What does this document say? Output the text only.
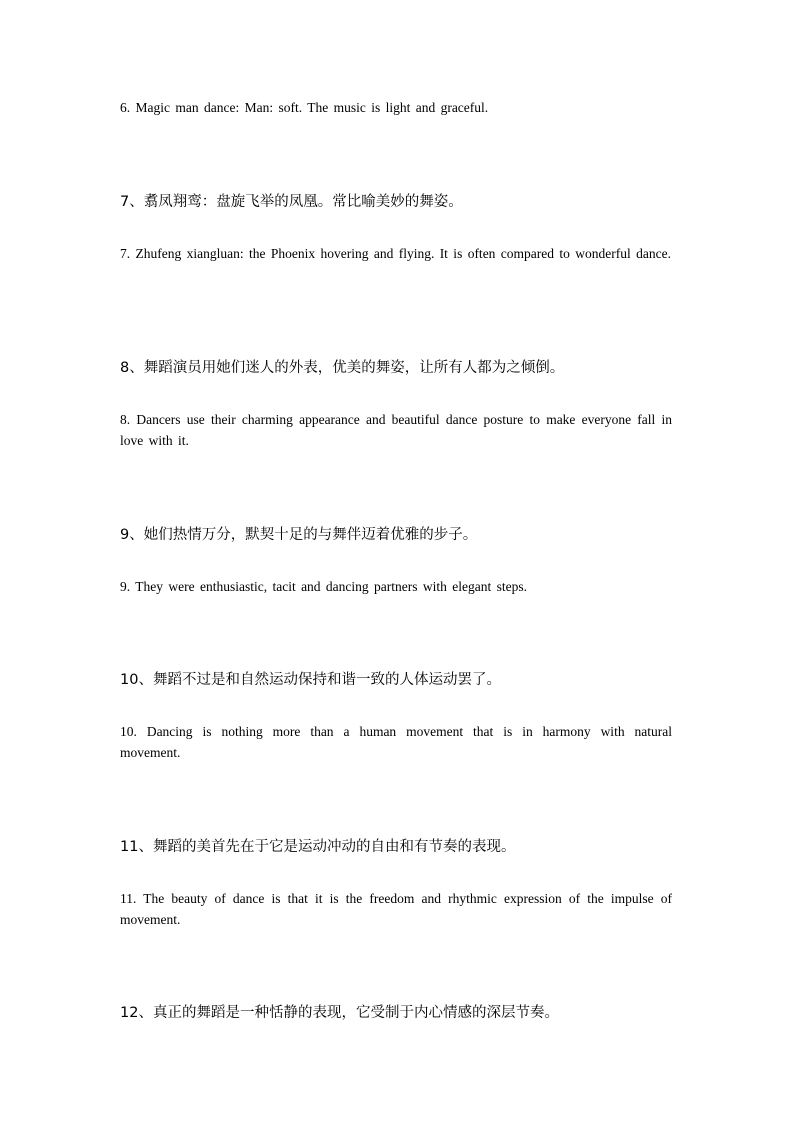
6. Magic man dance: Man: soft. The music is light and graceful.

7、翥凤翔鸾：盘旋飞举的凤凰。常比喻美妙的舞姿。

7. Zhufeng xiangluan: the Phoenix hovering and flying. It is often compared to wonderful dance.

8、舞蹈演员用她们迷人的外表，优美的舞姿，让所有人都为之倾倒。

8. Dancers use their charming appearance and beautiful dance posture to make everyone fall in love with it.

9、她们热情万分，默契十足的与舞伴迈着优雅的步子。

9. They were enthusiastic, tacit and dancing partners with elegant steps.

10、舞蹈不过是和自然运动保持和谐一致的人体运动罢了。

10. Dancing is nothing more than a human movement that is in harmony with natural movement.

11、舞蹈的美首先在于它是运动冲动的自由和有节奏的表现。

11. The beauty of dance is that it is the freedom and rhythmic expression of the impulse of movement.

12、真正的舞蹈是一种恬静的表现，它受制于内心情感的深层节奏。
